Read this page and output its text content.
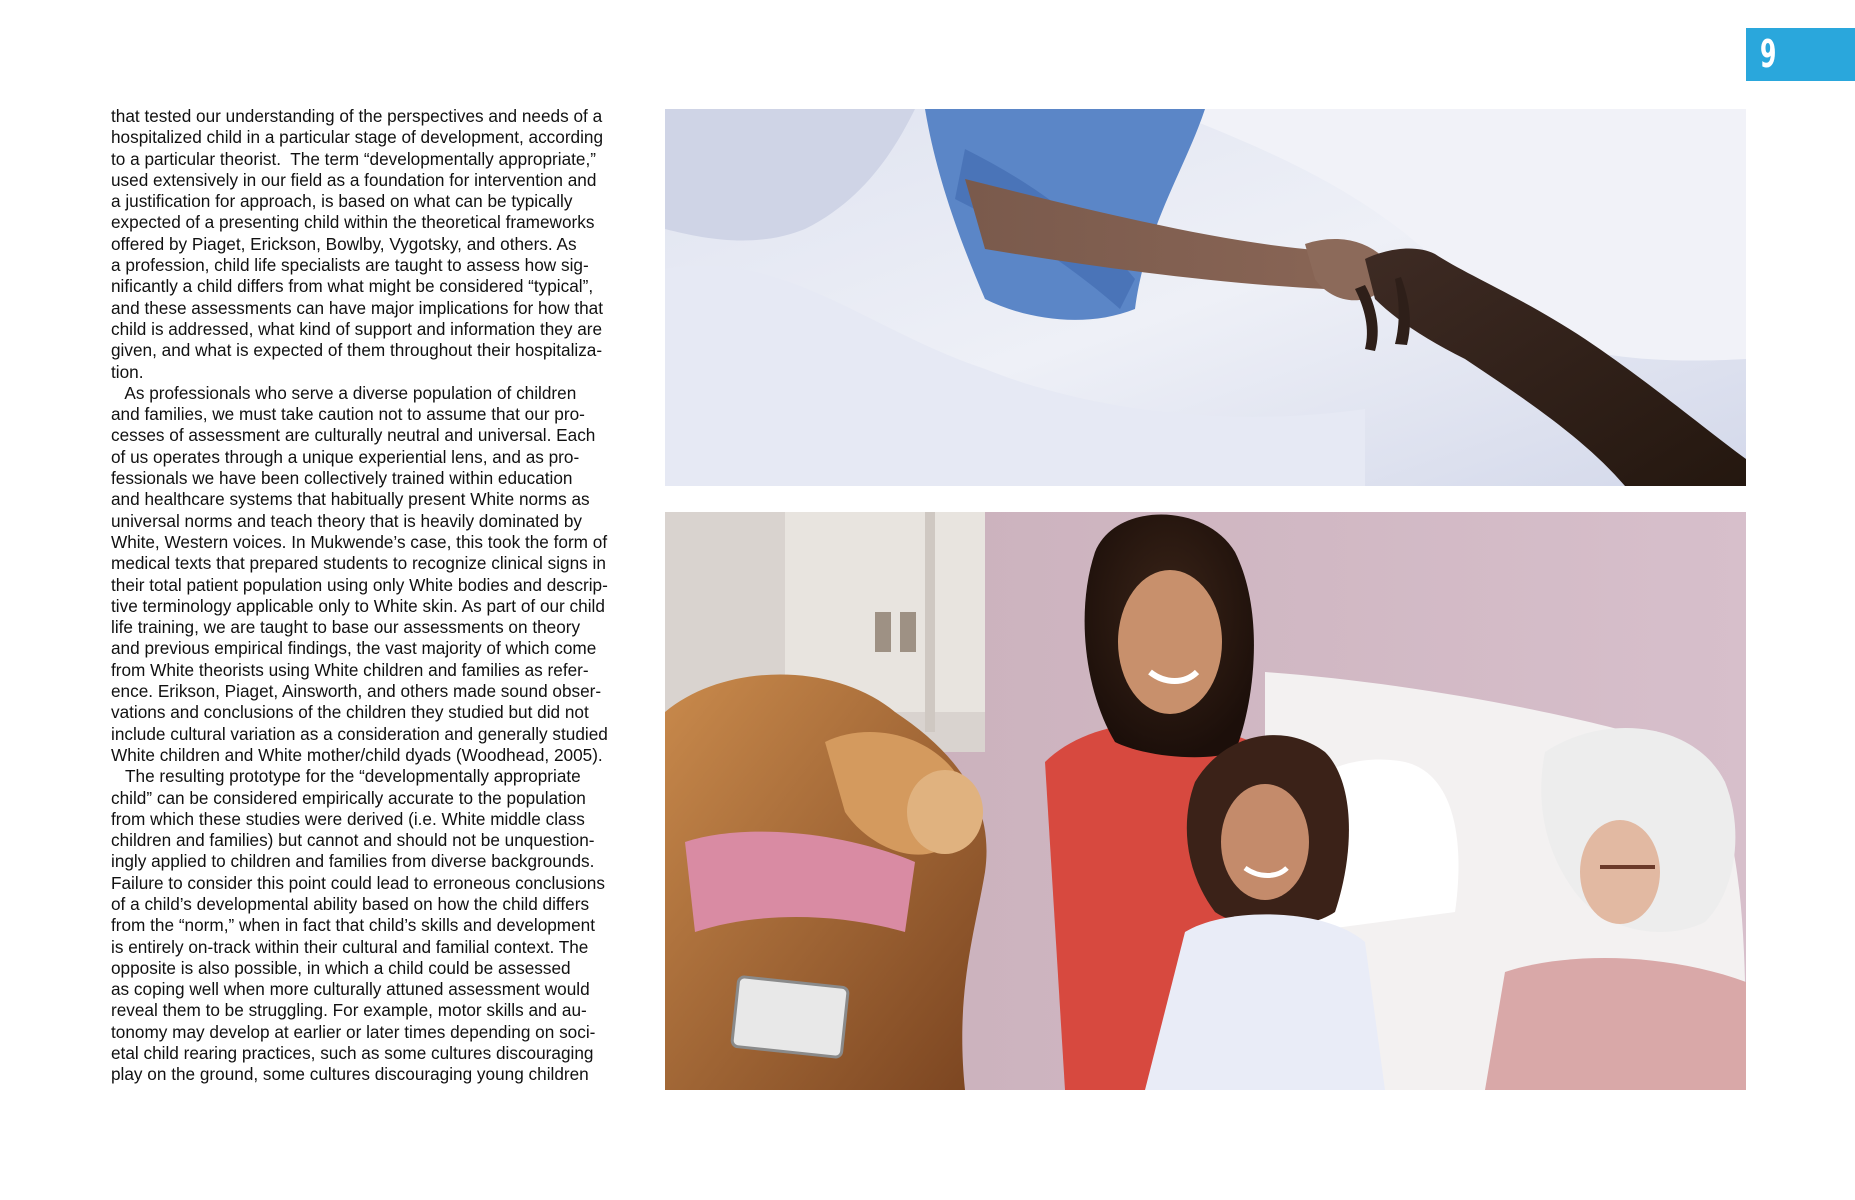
9

that tested our understanding of the perspectives and needs of a
hospitalized child in a particular stage of development, according
to a particular theorist.  The term “developmentally appropriate,”
used extensively in our field as a foundation for intervention and
a justification for approach, is based on what can be typically
expected of a presenting child within the theoretical frameworks
offered by Piaget, Erickson, Bowlby, Vygotsky, and others. As
a profession, child life specialists are taught to assess how sig-
nificantly a child differs from what might be considered “typical”,
and these assessments can have major implications for how that
child is addressed, what kind of support and information they are
given, and what is expected of them throughout their hospitaliza-
tion.

As professionals who serve a diverse population of children
and families, we must take caution not to assume that our pro-
cesses of assessment are culturally neutral and universal. Each
of us operates through a unique experiential lens, and as pro-
fessionals we have been collectively trained within education
and healthcare systems that habitually present White norms as
universal norms and teach theory that is heavily dominated by
White, Western voices. In Mukwende’s case, this took the form of
medical texts that prepared students to recognize clinical signs in
their total patient population using only White bodies and descrip-
tive terminology applicable only to White skin. As part of our child
life training, we are taught to base our assessments on theory
and previous empirical findings, the vast majority of which come
from White theorists using White children and families as refer-
ence. Erikson, Piaget, Ainsworth, and others made sound obser-
vations and conclusions of the children they studied but did not
include cultural variation as a consideration and generally studied
White children and White mother/child dyads (Woodhead, 2005).

The resulting prototype for the “developmentally appropriate
child” can be considered empirically accurate to the population
from which these studies were derived (i.e. White middle class
children and families) but cannot and should not be unquestion-
ingly applied to children and families from diverse backgrounds.
Failure to consider this point could lead to erroneous conclusions
of a child’s developmental ability based on how the child differs
from the “norm,” when in fact that child’s skills and development
is entirely on-track within their cultural and familial context. The
opposite is also possible, in which a child could be assessed
as coping well when more culturally attuned assessment would
reveal them to be struggling. For example, motor skills and au-
tonomy may develop at earlier or later times depending on soci-
etal child rearing practices, such as some cultures discouraging
play on the ground, some cultures discouraging young children
